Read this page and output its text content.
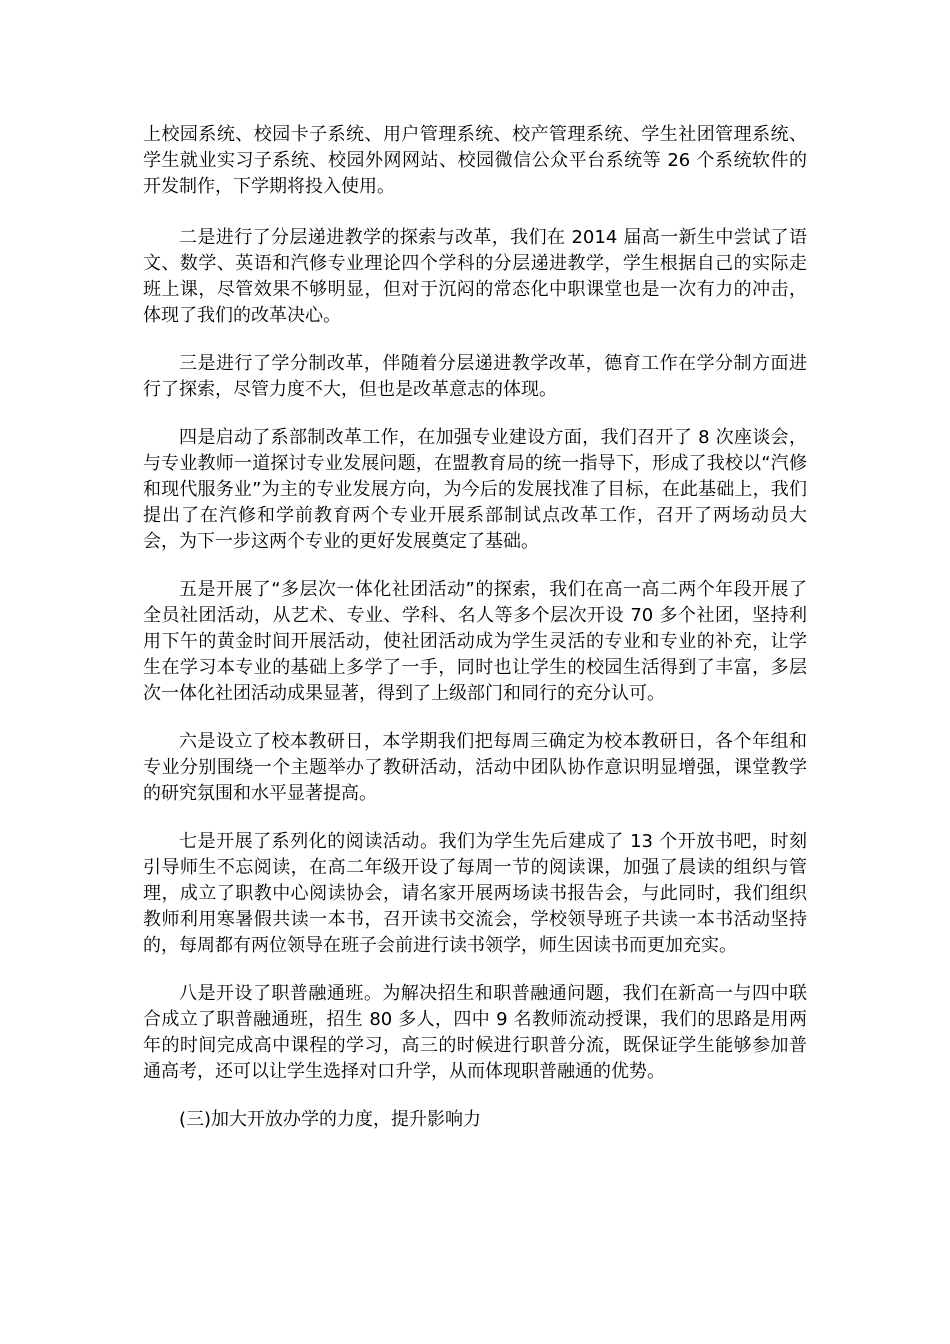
上校园系统、校园卡子系统、用户管理系统、校产管理系统、学生社团管理系统、学生就业实习子系统、校园外网网站、校园微信公众平台系统等 26 个系统软件的开发制作，下学期将投入使用。

二是进行了分层递进教学的探索与改革，我们在 2014 届高一新生中尝试了语文、数学、英语和汽修专业理论四个学科的分层递进教学，学生根据自己的实际走班上课，尽管效果不够明显，但对于沉闷的常态化中职课堂也是一次有力的冲击，体现了我们的改革决心。

三是进行了学分制改革，伴随着分层递进教学改革，德育工作在学分制方面进行了探索，尽管力度不大，但也是改革意志的体现。

四是启动了系部制改革工作，在加强专业建设方面，我们召开了 8 次座谈会，与专业教师一道探讨专业发展问题，在盟教育局的统一指导下，形成了我校以“汽修和现代服务业”为主的专业发展方向，为今后的发展找准了目标，在此基础上，我们提出了在汽修和学前教育两个专业开展系部制试点改革工作，召开了两场动员大会，为下一步这两个专业的更好发展奠定了基础。

五是开展了“多层次一体化社团活动”的探索，我们在高一高二两个年段开展了全员社团活动，从艺术、专业、学科、名人等多个层次开设 70 多个社团，坚持利用下午的黄金时间开展活动，使社团活动成为学生灵活的专业和专业的补充，让学生在学习本专业的基础上多学了一手，同时也让学生的校园生活得到了丰富，多层次一体化社团活动成果显著，得到了上级部门和同行的充分认可。

六是设立了校本教研日，本学期我们把每周三确定为校本教研日，各个年组和专业分别围绕一个主题举办了教研活动，活动中团队协作意识明显增强，课堂教学的研究氛围和水平显著提高。

七是开展了系列化的阅读活动。我们为学生先后建成了 13 个开放书吧，时刻引导师生不忘阅读，在高二年级开设了每周一节的阅读课，加强了晨读的组织与管理，成立了职教中心阅读协会，请名家开展两场读书报告会，与此同时，我们组织教师利用寒暑假共读一本书，召开读书交流会，学校领导班子共读一本书活动坚持的，每周都有两位领导在班子会前进行读书领学，师生因读书而更加充实。

八是开设了职普融通班。为解决招生和职普融通问题，我们在新高一与四中联合成立了职普融通班，招生 80 多人，四中 9 名教师流动授课，我们的思路是用两年的时间完成高中课程的学习，高三的时候进行职普分流，既保证学生能够参加普通高考，还可以让学生选择对口升学，从而体现职普融通的优势。

(三)加大开放办学的力度，提升影响力
